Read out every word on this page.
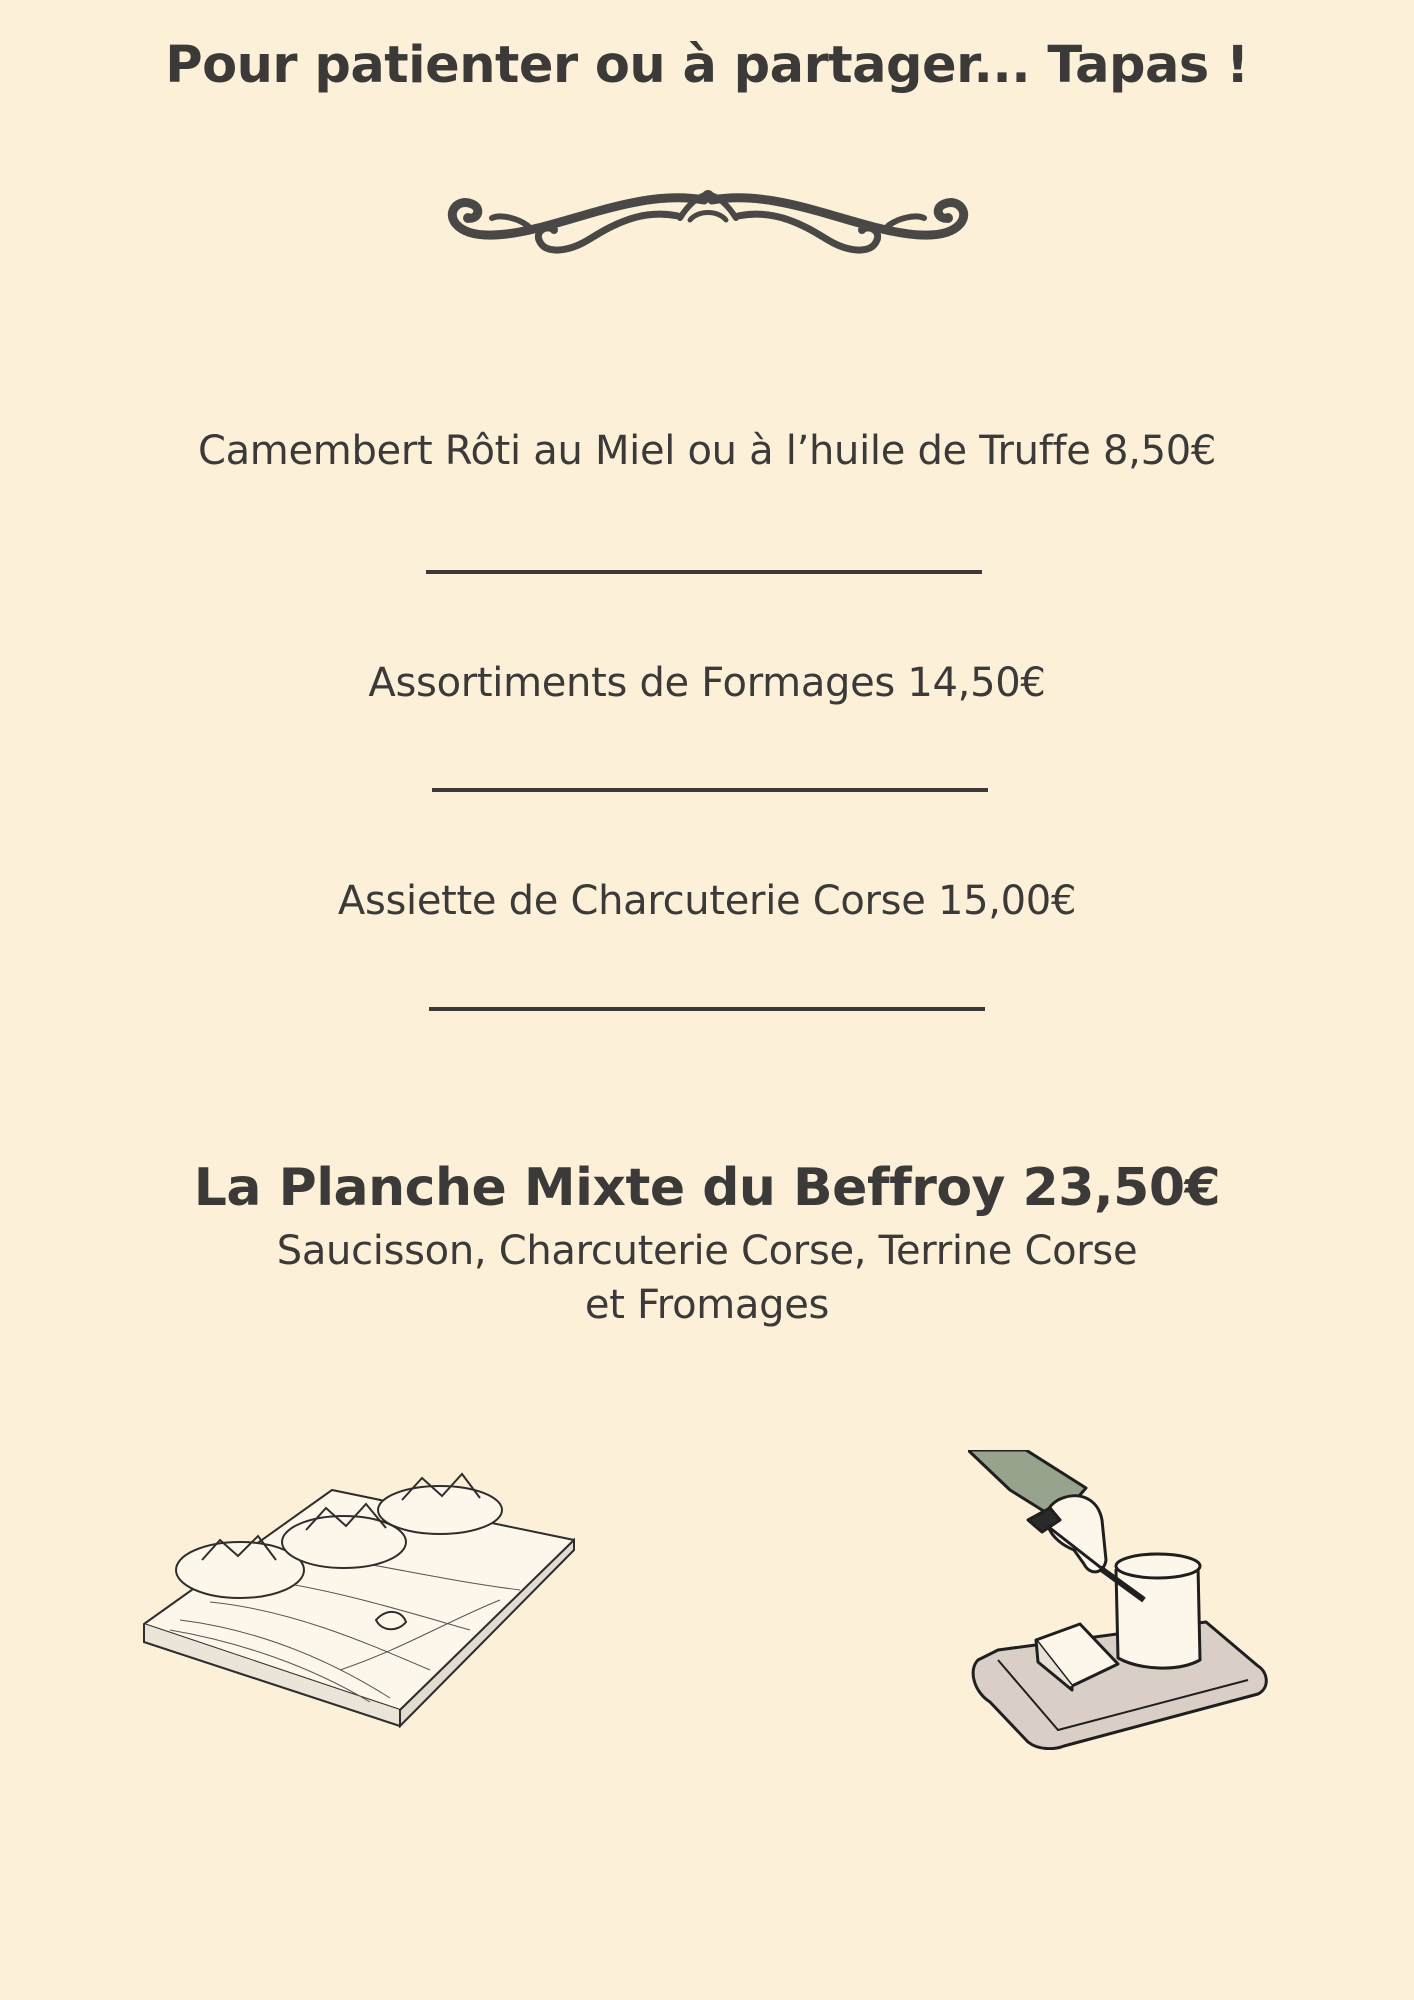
Pour patienter ou à partager... Tapas !

Camembert Rôti au Miel ou à l’huile de Truffe 8,50€

Assortiments de Formages 14,50€

Assiette de Charcuterie Corse 15,00€

La Planche Mixte du Beffroy 23,50€

Saucisson, Charcuterie Corse, Terrine Corse
et Fromages
